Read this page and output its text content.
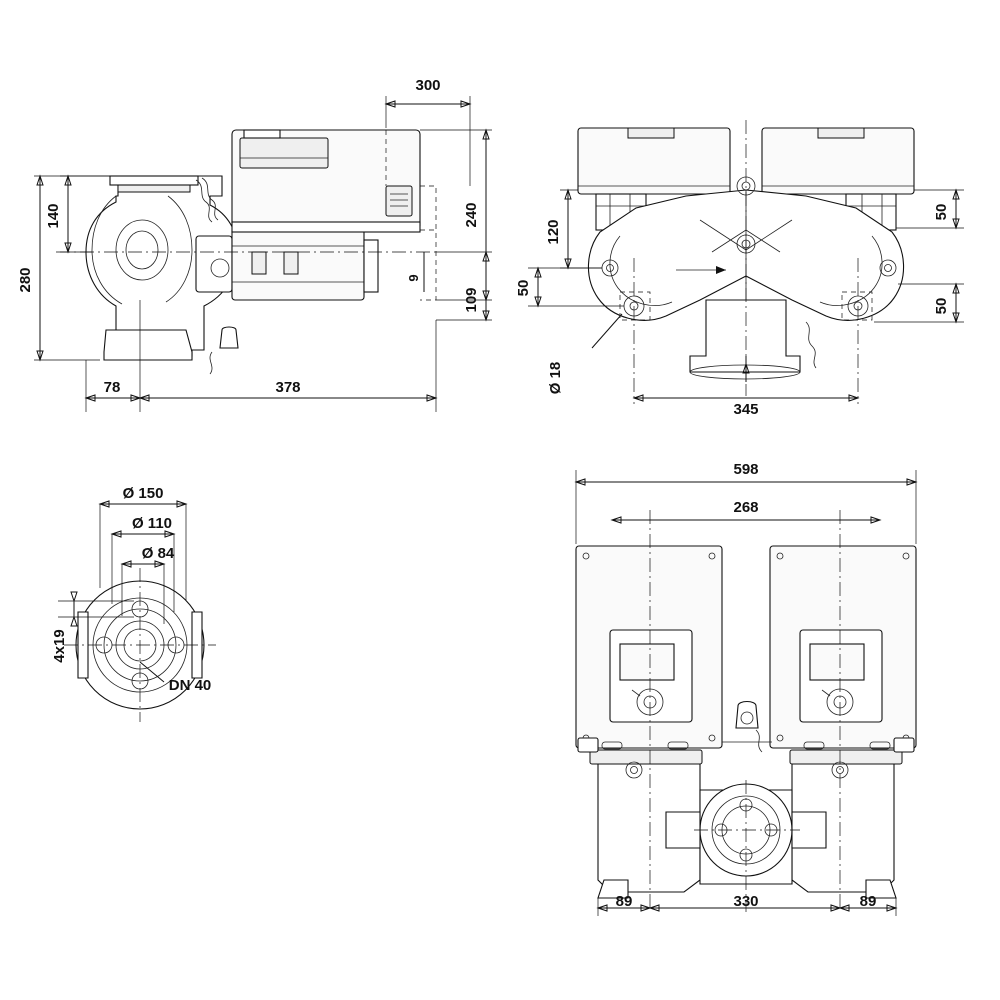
280
140
300
240
109
9
78	378
120
50
50
50
Ø 18
345
Ø 150
Ø 110
Ø 84
4x19
DN 40
598
268
89	330	89
